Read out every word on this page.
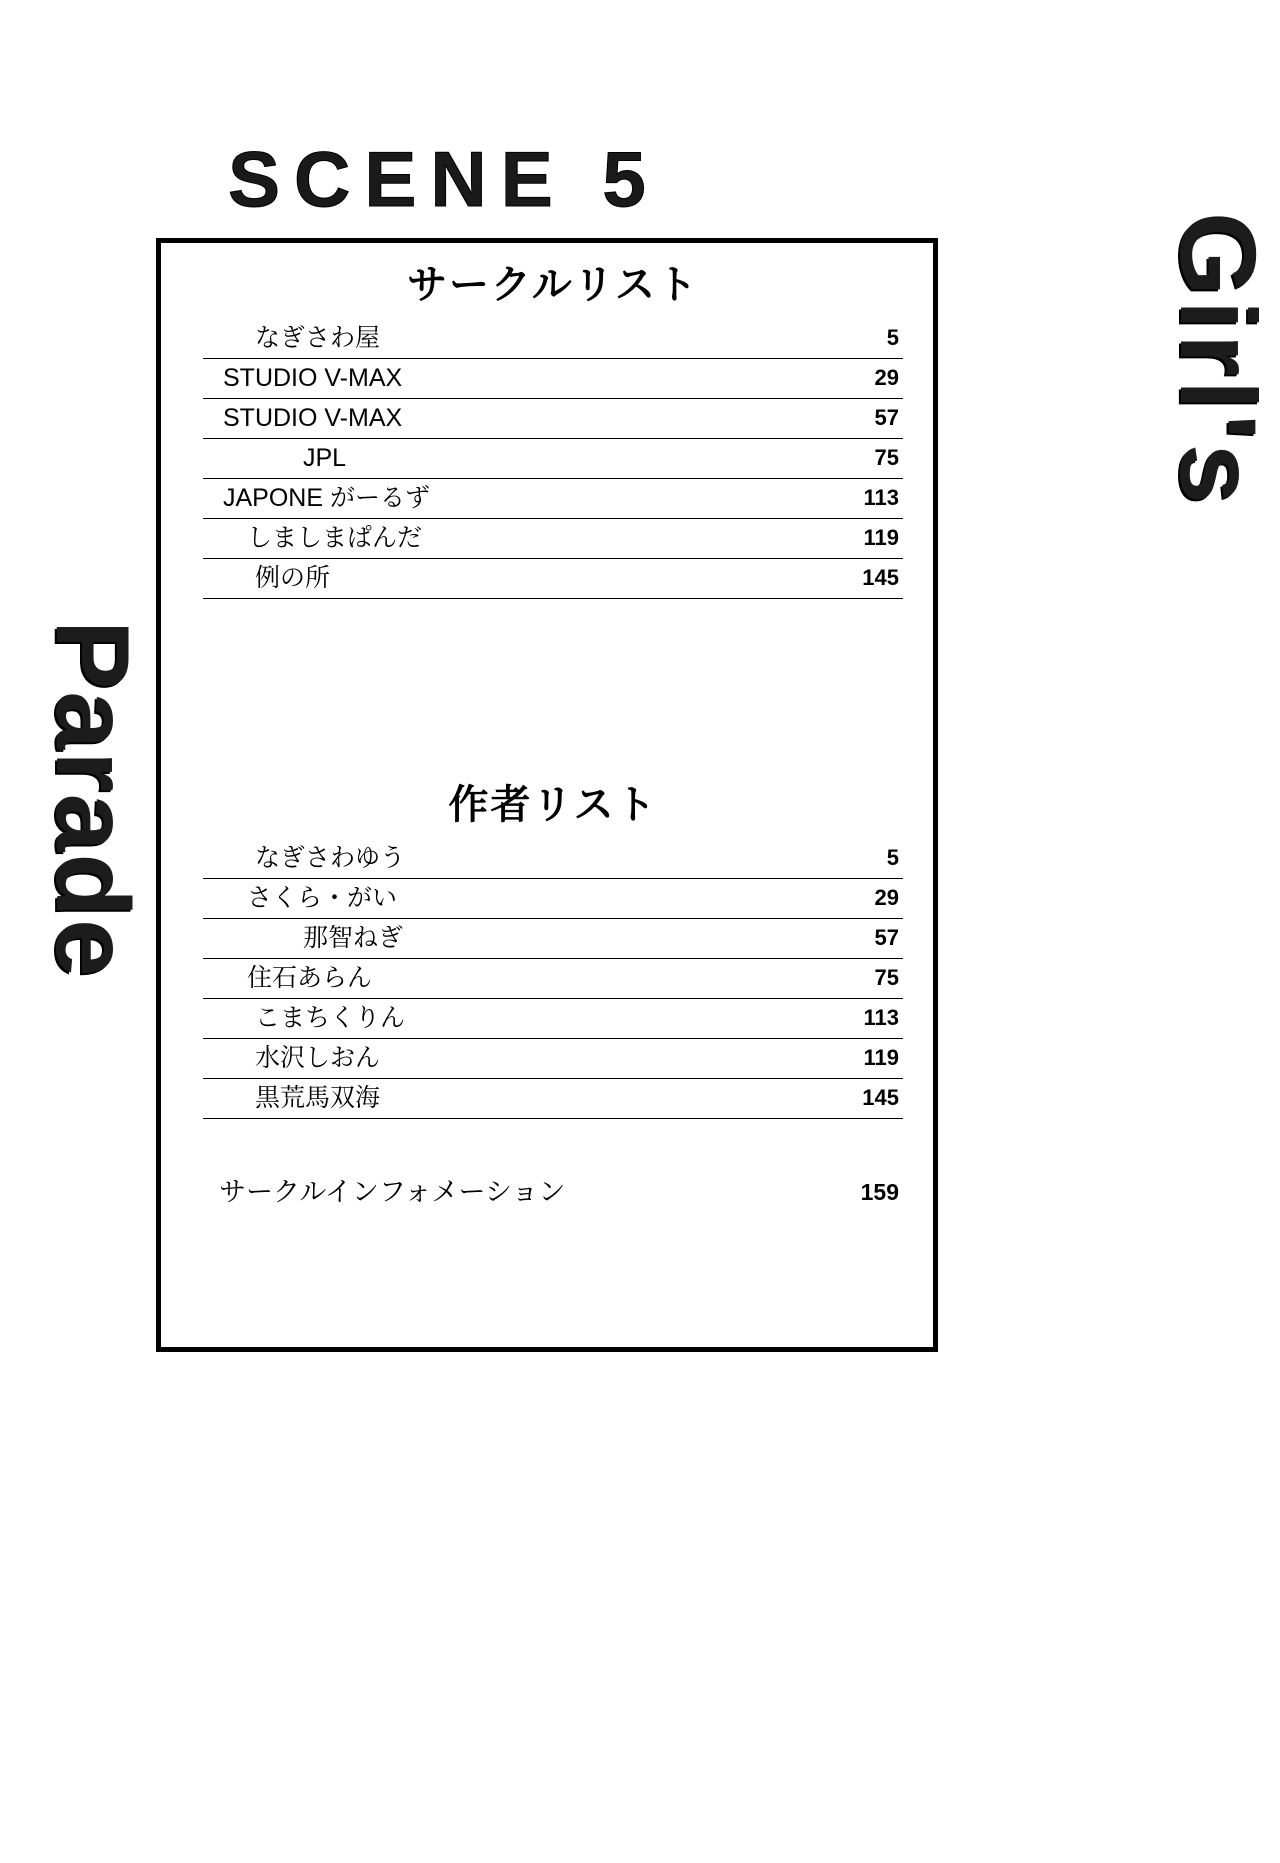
SCENE 5
Girl's
Parade
サークルリスト
なぎさわ屋	5
STUDIO V-MAX	29
STUDIO V-MAX	57
JPL	75
JAPONE がーるず	113
しましまぱんだ	119
例の所	145
作者リスト
なぎさわゆう	5
さくら・がい	29
那智ねぎ	57
住石あらん	75
こまちくりん	113
水沢しおん	119
黒荒馬双海	145
サークルインフォメーション	159
